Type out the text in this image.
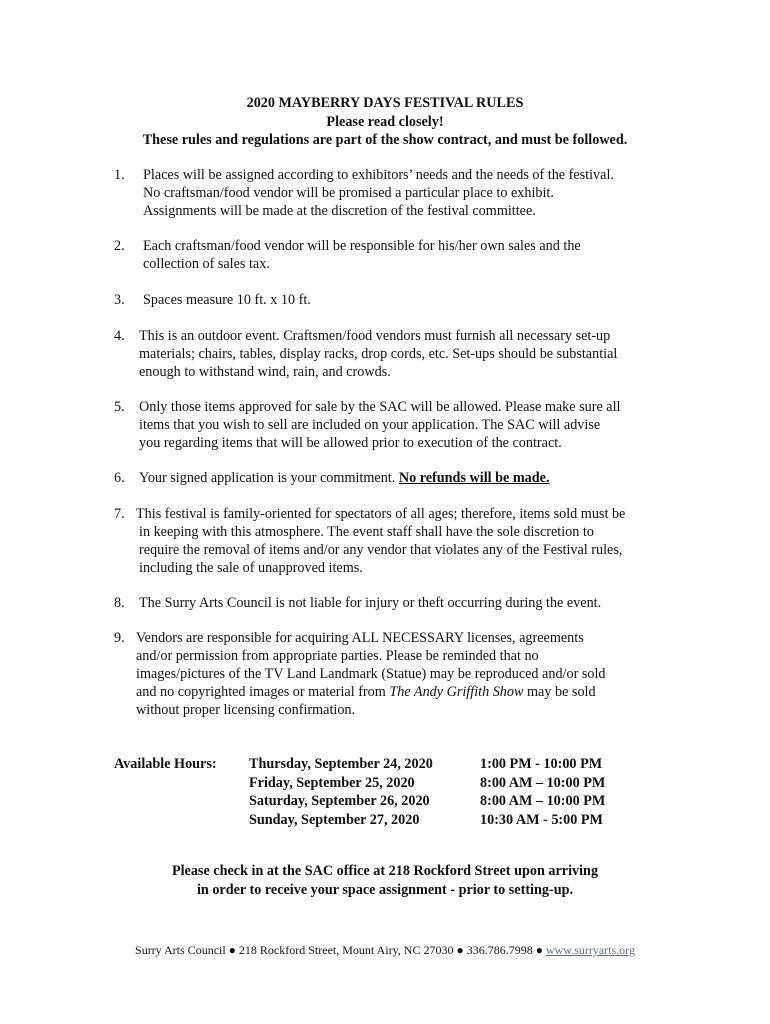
2020 MAYBERRY DAYS FESTIVAL RULES
Please read closely!
These rules and regulations are part of the show contract, and must be followed.
1. Places will be assigned according to exhibitors’ needs and the needs of the festival.
No craftsman/food vendor will be promised a particular place to exhibit.
Assignments will be made at the discretion of the festival committee.
2. Each craftsman/food vendor will be responsible for his/her own sales and the
collection of sales tax.
3. Spaces measure 10 ft. x 10 ft.
4. This is an outdoor event. Craftsmen/food vendors must furnish all necessary set-up
materials; chairs, tables, display racks, drop cords, etc. Set-ups should be substantial
enough to withstand wind, rain, and crowds.
5. Only those items approved for sale by the SAC will be allowed. Please make sure all
items that you wish to sell are included on your application. The SAC will advise
you regarding items that will be allowed prior to execution of the contract.
6. Your signed application is your commitment. No refunds will be made.
7. This festival is family-oriented for spectators of all ages; therefore, items sold must be
in keeping with this atmosphere. The event staff shall have the sole discretion to
require the removal of items and/or any vendor that violates any of the Festival rules,
including the sale of unapproved items.
8. The Surry Arts Council is not liable for injury or theft occurring during the event.
9. Vendors are responsible for acquiring ALL NECESSARY licenses, agreements
and/or permission from appropriate parties. Please be reminded that no
images/pictures of the TV Land Landmark (Statue) may be reproduced and/or sold
and no copyrighted images or material from The Andy Griffith Show may be sold
without proper licensing confirmation.
Available Hours: Thursday, September 24, 2020	1:00 PM - 10:00 PM
Friday, September 25, 2020	8:00 AM – 10:00 PM
Saturday, September 26, 2020	8:00 AM – 10:00 PM
Sunday, September 27, 2020	10:30 AM - 5:00 PM
Please check in at the SAC office at 218 Rockford Street upon arriving
in order to receive your space assignment - prior to setting-up.
Surry Arts Council ● 218 Rockford Street, Mount Airy, NC 27030 ● 336.786.7998 ● www.surryarts.org
